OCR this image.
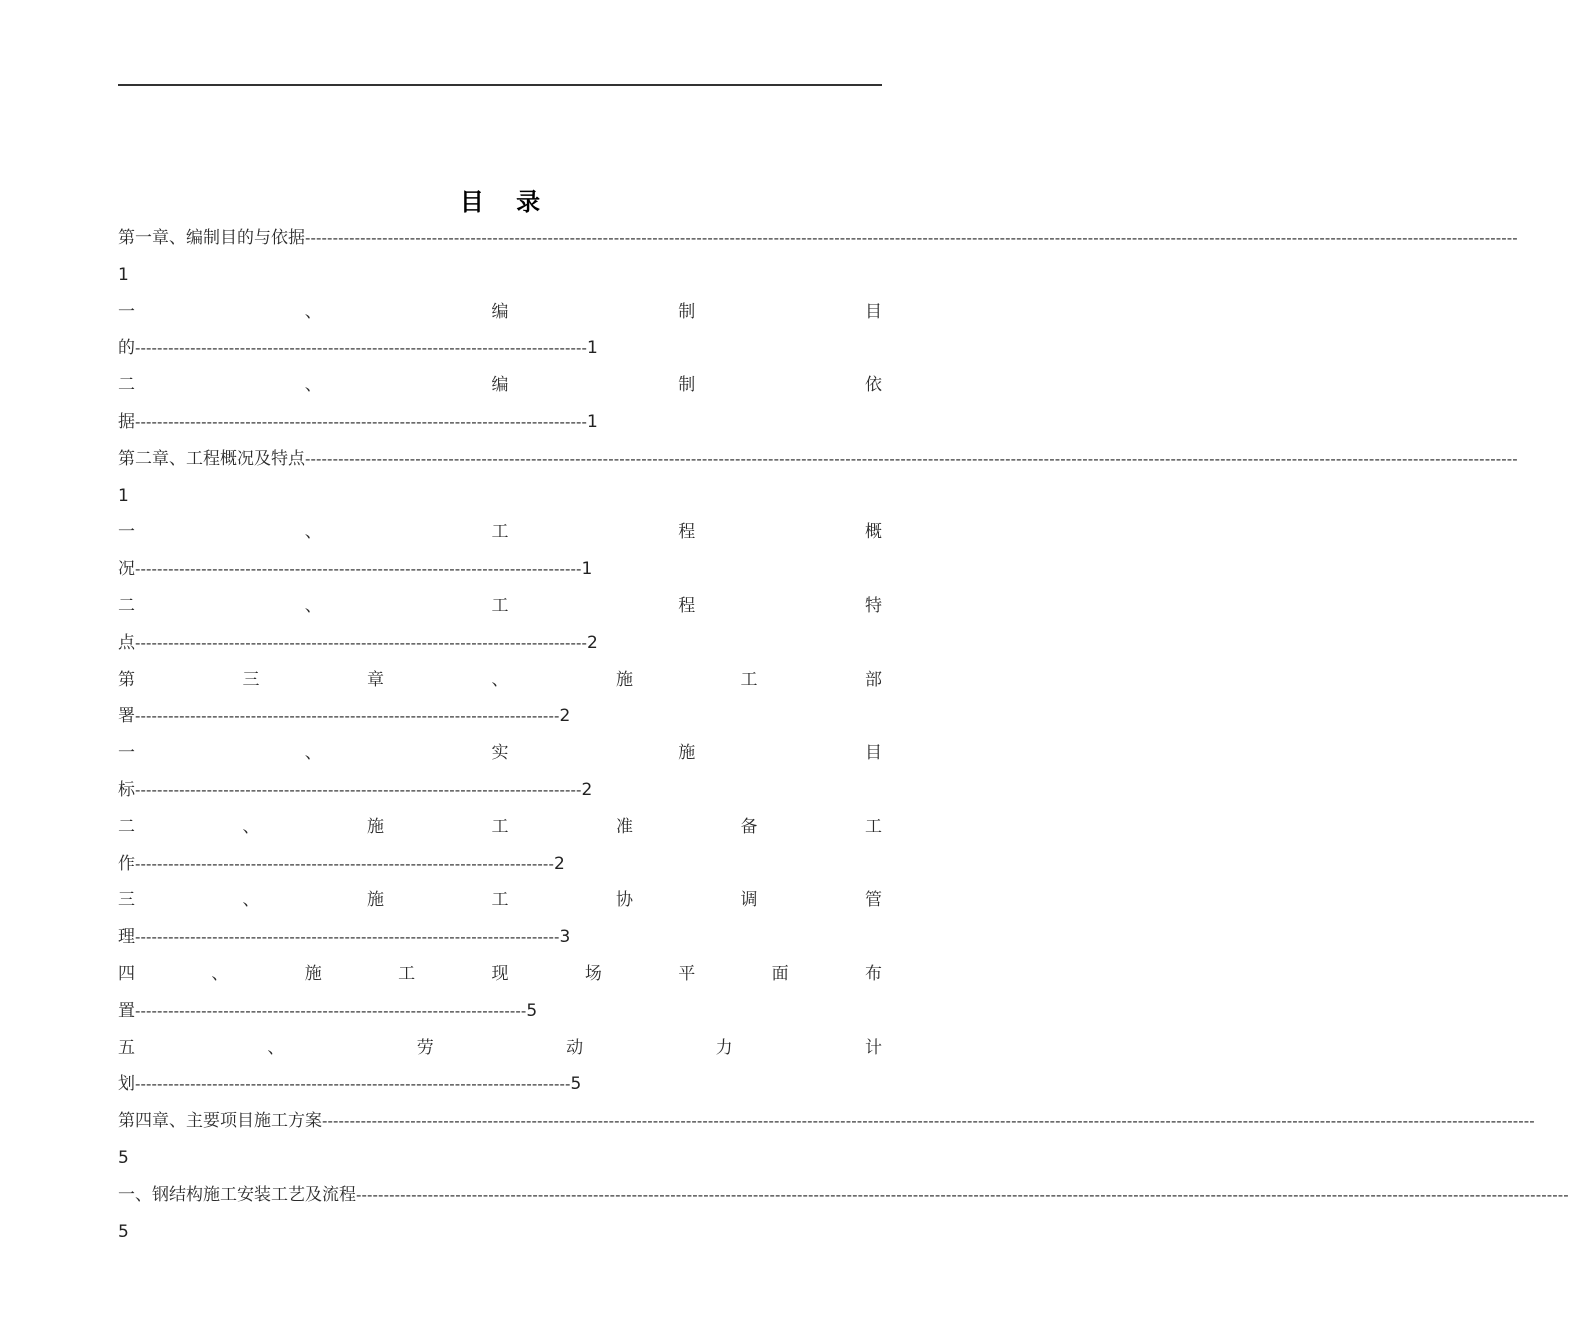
目 录
第一章、编制目的与依据 ----------------------------------------------------------------------------------------------------------------------------------------------------------------------------------------------------------------------------
1
一	、	编	制	目
的 ---------------------------------------------------------------------------------- 1
二	、	编	制	依
据 ---------------------------------------------------------------------------------- 1
第二章、工程概况及特点 ----------------------------------------------------------------------------------------------------------------------------------------------------------------------------------------------------------------------------
1
一	、	工	程	概
况 --------------------------------------------------------------------------------- 1
二	、	工	程	特
点 ---------------------------------------------------------------------------------- 2
第	三	章	、	施	工	部
署 ----------------------------------------------------------------------------- 2
一	、	实	施	目
标 --------------------------------------------------------------------------------- 2
二	、	施	工	准	备	工
作 ---------------------------------------------------------------------------- 2
三	、	施	工	协	调	管
理 ----------------------------------------------------------------------------- 3
四	、	施	工	现	场	平	面	布
置 ----------------------------------------------------------------------- 5
五	、	劳	动	力	计
划 ------------------------------------------------------------------------------- 5
第四章、主要项目施工方案 ----------------------------------------------------------------------------------------------------------------------------------------------------------------------------------------------------------------------------
5
一、钢结构施工安装工艺及流程 ----------------------------------------------------------------------------------------------------------------------------------------------------------------------------------------------------------------------------
5
